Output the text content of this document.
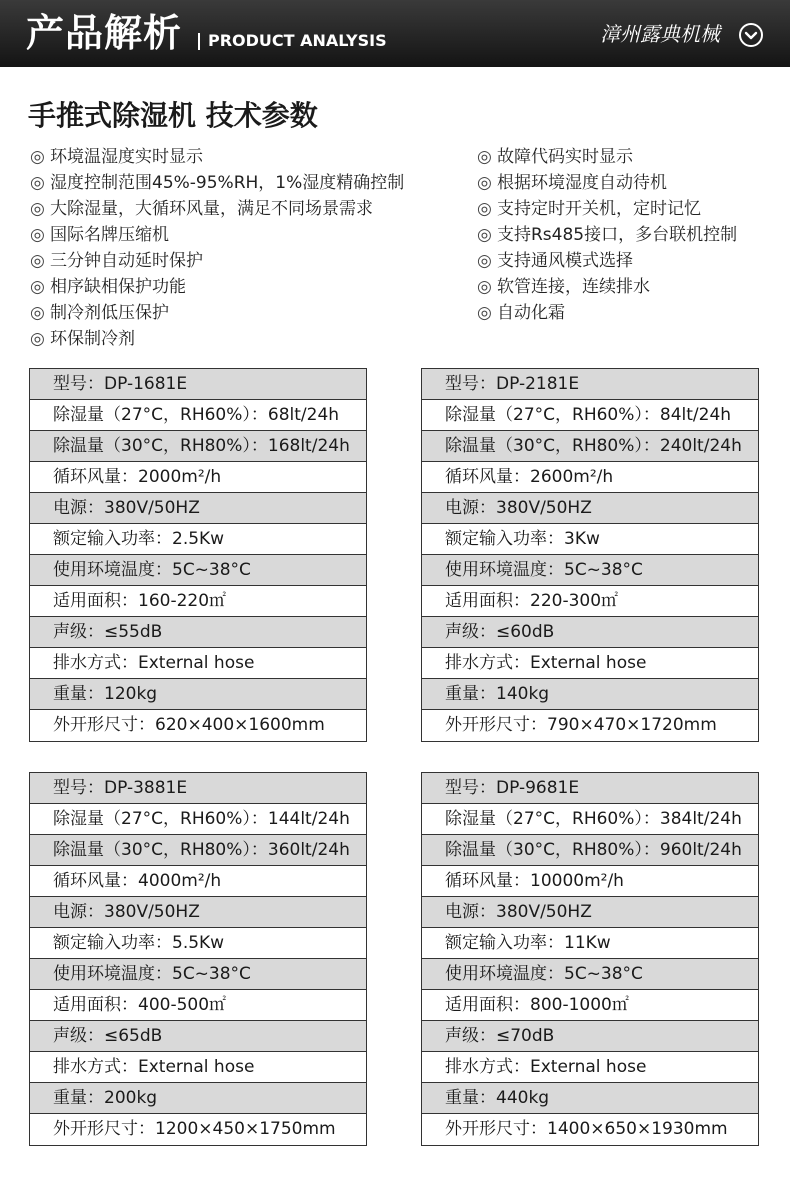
产品解析 PRODUCT ANALYSIS	漳州露典机械
手推式除湿机 技术参数
◎ 环境温湿度实时显示
◎ 湿度控制范围45%-95%RH，1%湿度精确控制
◎ 大除湿量，大循环风量，满足不同场景需求
◎ 国际名牌压缩机
◎ 三分钟自动延时保护
◎ 相序缺相保护功能
◎ 制冷剂低压保护
◎ 环保制冷剂
◎ 故障代码实时显示
◎ 根据环境湿度自动待机
◎ 支持定时开关机，定时记忆
◎ 支持Rs485接口，多台联机控制
◎ 支持通风模式选择
◎ 软管连接，连续排水
◎ 自动化霜
型号：DP-1681E
除湿量（27°C，RH60%）：68lt/24h
除温量（30°C，RH80%）：168lt/24h
循环风量：2000m²/h
电源：380V/50HZ
额定输入功率：2.5Kw
使用环境温度：5C~38°C
适用面积：160-220㎡
声级：≤55dB
排水方式：External hose
重量：120kg
外开形尺寸：620×400×1600mm
型号：DP-2181E
除湿量（27°C，RH60%）：84lt/24h
除温量（30°C，RH80%）：240lt/24h
循环风量：2600m²/h
电源：380V/50HZ
额定输入功率：3Kw
使用环境温度：5C~38°C
适用面积：220-300㎡
声级：≤60dB
排水方式：External hose
重量：140kg
外开形尺寸：790×470×1720mm
型号：DP-3881E
除湿量（27°C，RH60%）：144lt/24h
除温量（30°C，RH80%）：360lt/24h
循环风量：4000m²/h
电源：380V/50HZ
额定输入功率：5.5Kw
使用环境温度：5C~38°C
适用面积：400-500㎡
声级：≤65dB
排水方式：External hose
重量：200kg
外开形尺寸：1200×450×1750mm
型号：DP-9681E
除湿量（27°C，RH60%）：384lt/24h
除温量（30°C，RH80%）：960lt/24h
循环风量：10000m²/h
电源：380V/50HZ
额定输入功率：11Kw
使用环境温度：5C~38°C
适用面积：800-1000㎡
声级：≤70dB
排水方式：External hose
重量：440kg
外开形尺寸：1400×650×1930mm
